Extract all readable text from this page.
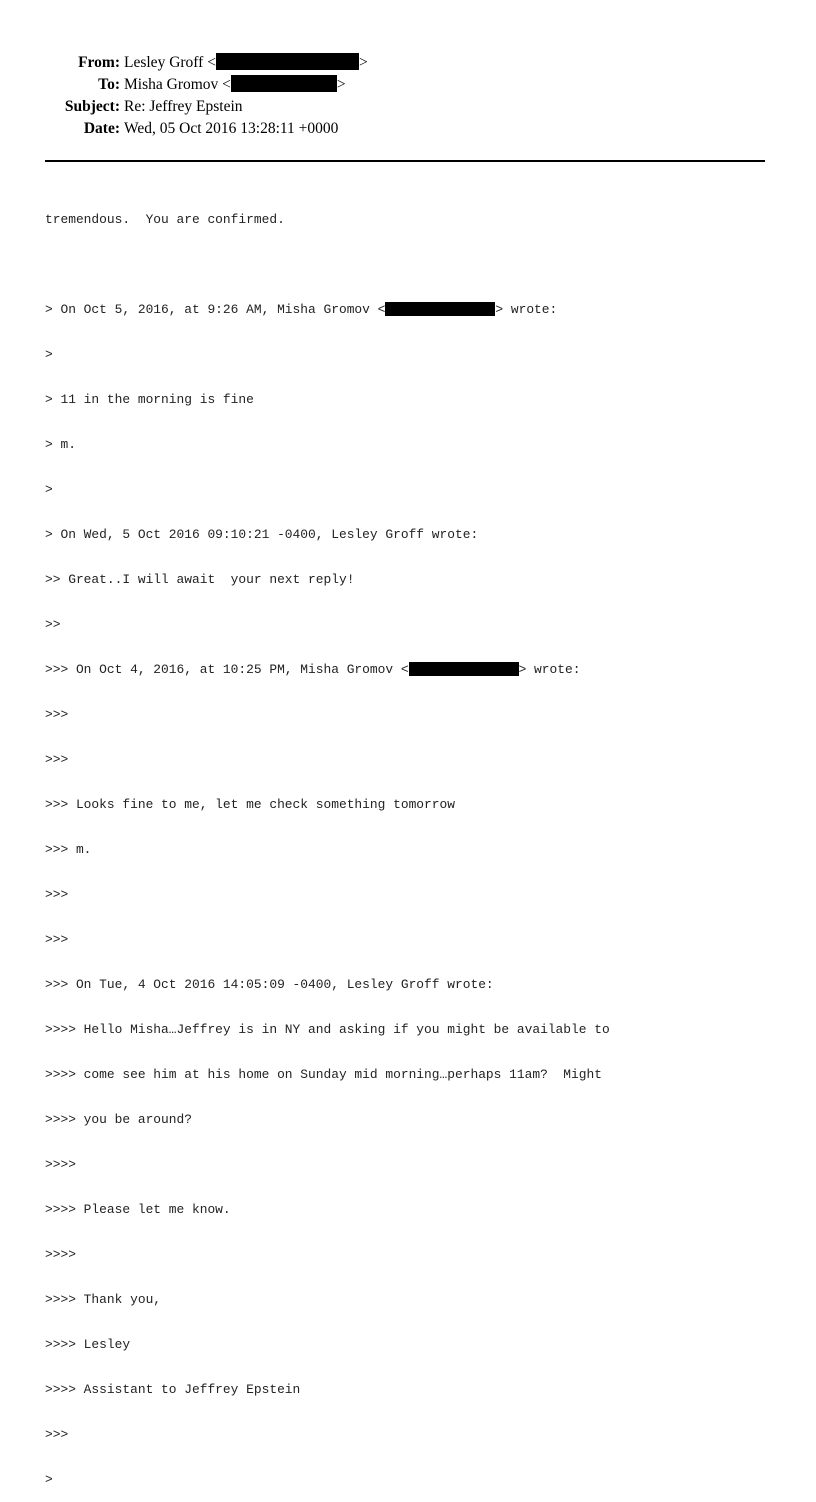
From: Lesley Groff <	>
To: Misha Gromov <	>
Subject: Re: Jeffrey Epstein
Date: Wed, 05 Oct 2016 13:28:11 +0000

tremendous.  You are confirmed.

> On Oct 5, 2016, at 9:26 AM, Misha Gromov <	> wrote:

>

> 11 in the morning is fine

> m.

>

> On Wed, 5 Oct 2016 09:10:21 -0400, Lesley Groff wrote:

>> Great..I will await  your next reply!

>>

>>> On Oct 4, 2016, at 10:25 PM, Misha Gromov <	> wrote:

>>>

>>>

>>> Looks fine to me, let me check something tomorrow

>>> m.

>>>

>>>

>>> On Tue, 4 Oct 2016 14:05:09 -0400, Lesley Groff wrote:

>>>> Hello Misha…Jeffrey is in NY and asking if you might be available to

>>>> come see him at his home on Sunday mid morning…perhaps 11am?  Might

>>>> you be around?

>>>>

>>>> Please let me know.

>>>>

>>>> Thank you,

>>>> Lesley

>>>> Assistant to Jeffrey Epstein

>>>

>
